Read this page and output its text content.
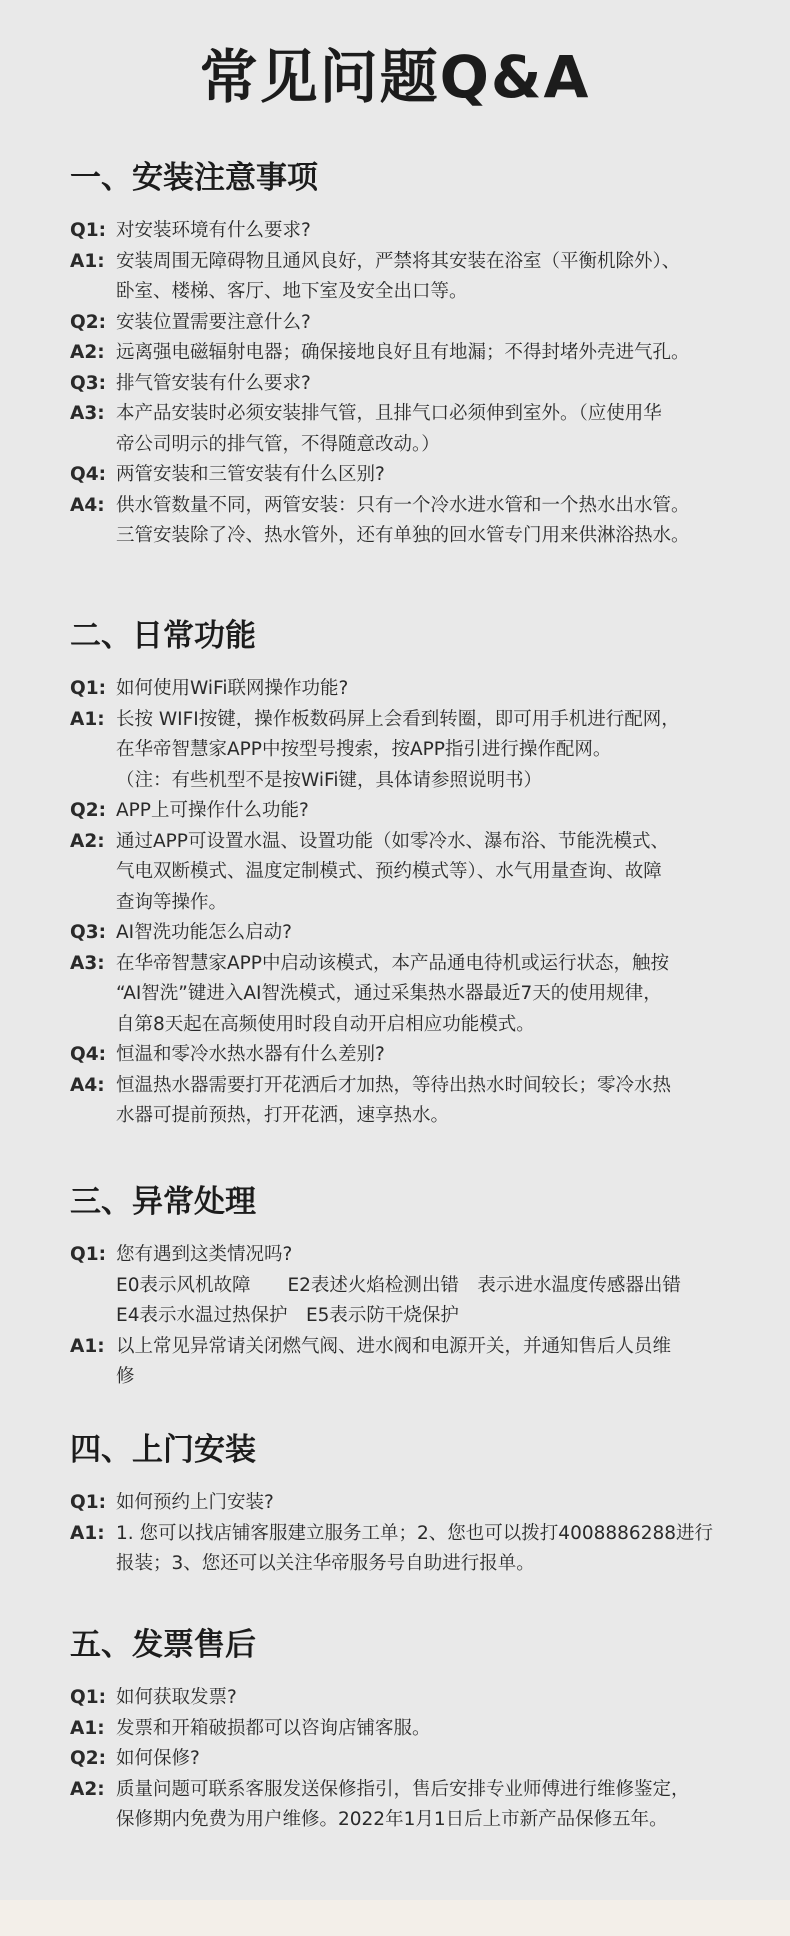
常见问题Q&A
一、安装注意事项
Q1: 对安装环境有什么要求?
A1: 安装周围无障碍物且通风良好，严禁将其安装在浴室（平衡机除外）、
卧室、楼梯、客厅、地下室及安全出口等。
Q2: 安装位置需要注意什么?
A2: 远离强电磁辐射电器；确保接地良好且有地漏；不得封堵外壳进气孔。
Q3: 排气管安装有什么要求?
A3: 本产品安装时必须安装排气管，且排气口必须伸到室外。（应使用华
帝公司明示的排气管，不得随意改动。）
Q4: 两管安装和三管安装有什么区别?
A4: 供水管数量不同，两管安装：只有一个冷水进水管和一个热水出水管。
三管安装除了冷、热水管外，还有单独的回水管专门用来供淋浴热水。
二、日常功能
Q1: 如何使用WiFi联网操作功能?
A1: 长按 WIFI按键，操作板数码屏上会看到转圈，即可用手机进行配网，
在华帝智慧家APP中按型号搜索，按APP指引进行操作配网。
（注：有些机型不是按WiFi键，具体请参照说明书）
Q2: APP上可操作什么功能?
A2: 通过APP可设置水温、设置功能（如零冷水、瀑布浴、节能洗模式、
气电双断模式、温度定制模式、预约模式等）、水气用量查询、故障
查询等操作。
Q3: AI智洗功能怎么启动?
A3: 在华帝智慧家APP中启动该模式，本产品通电待机或运行状态，触按
“AI智洗”键进入AI智洗模式，通过采集热水器最近7天的使用规律，
自第8天起在高频使用时段自动开启相应功能模式。
Q4: 恒温和零冷水热水器有什么差别?
A4: 恒温热水器需要打开花洒后才加热，等待出热水时间较长；零冷水热
水器可提前预热，打开花洒，速享热水。
三、异常处理
Q1: 您有遇到这类情况吗?
E0表示风机故障　　E2表述火焰检测出错　表示进水温度传感器出错
E4表示水温过热保护　E5表示防干烧保护
A1: 以上常见异常请关闭燃气阀、进水阀和电源开关，并通知售后人员维
修
四、上门安装
Q1: 如何预约上门安装?
A1: 1. 您可以找店铺客服建立服务工单；2、您也可以拨打4008886288进行
报装；3、您还可以关注华帝服务号自助进行报单。
五、发票售后
Q1: 如何获取发票?
A1: 发票和开箱破损都可以咨询店铺客服。
Q2: 如何保修?
A2: 质量问题可联系客服发送保修指引，售后安排专业师傅进行维修鉴定，
保修期内免费为用户维修。2022年1月1日后上市新产品保修五年。
